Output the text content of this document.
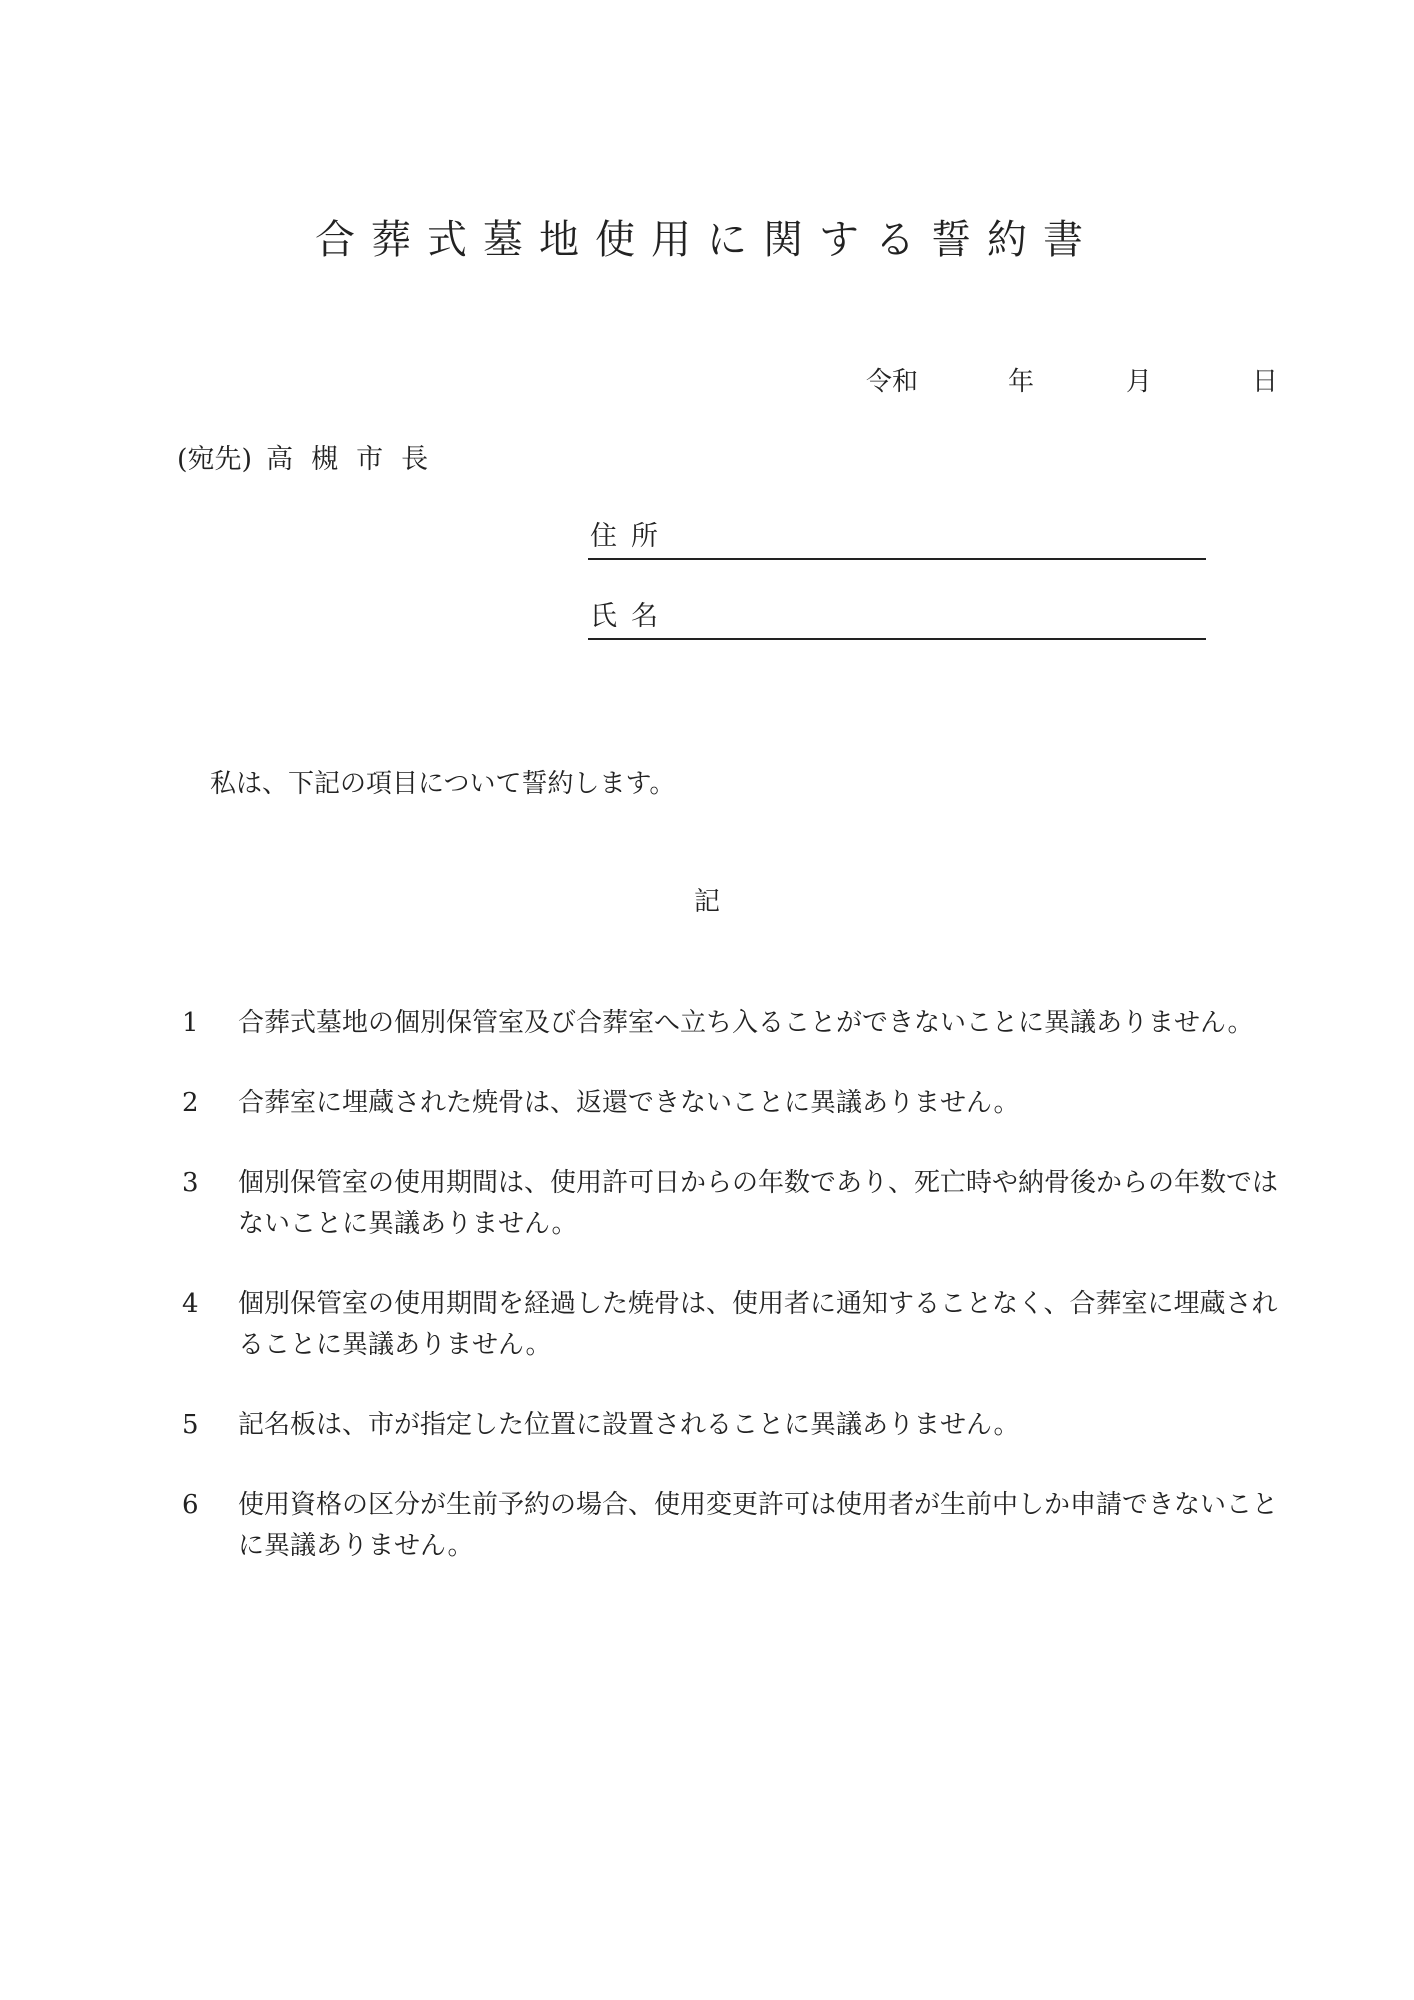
合葬式墓地使用に関する誓約書
令和	年	月	日
(宛先) 高槻市長
住所
氏名
私は、下記の項目について誓約します。
記
1	合葬式墓地の個別保管室及び合葬室へ立ち入ることができないことに異議ありません。
2	合葬室に埋蔵された焼骨は、返還できないことに異議ありません。
3	個別保管室の使用期間は、使用許可日からの年数であり、死亡時や納骨後からの年数ではないことに異議ありません。
4	個別保管室の使用期間を経過した焼骨は、使用者に通知することなく、合葬室に埋蔵されることに異議ありません。
5	記名板は、市が指定した位置に設置されることに異議ありません。
6	使用資格の区分が生前予約の場合、使用変更許可は使用者が生前中しか申請できないことに異議ありません。
